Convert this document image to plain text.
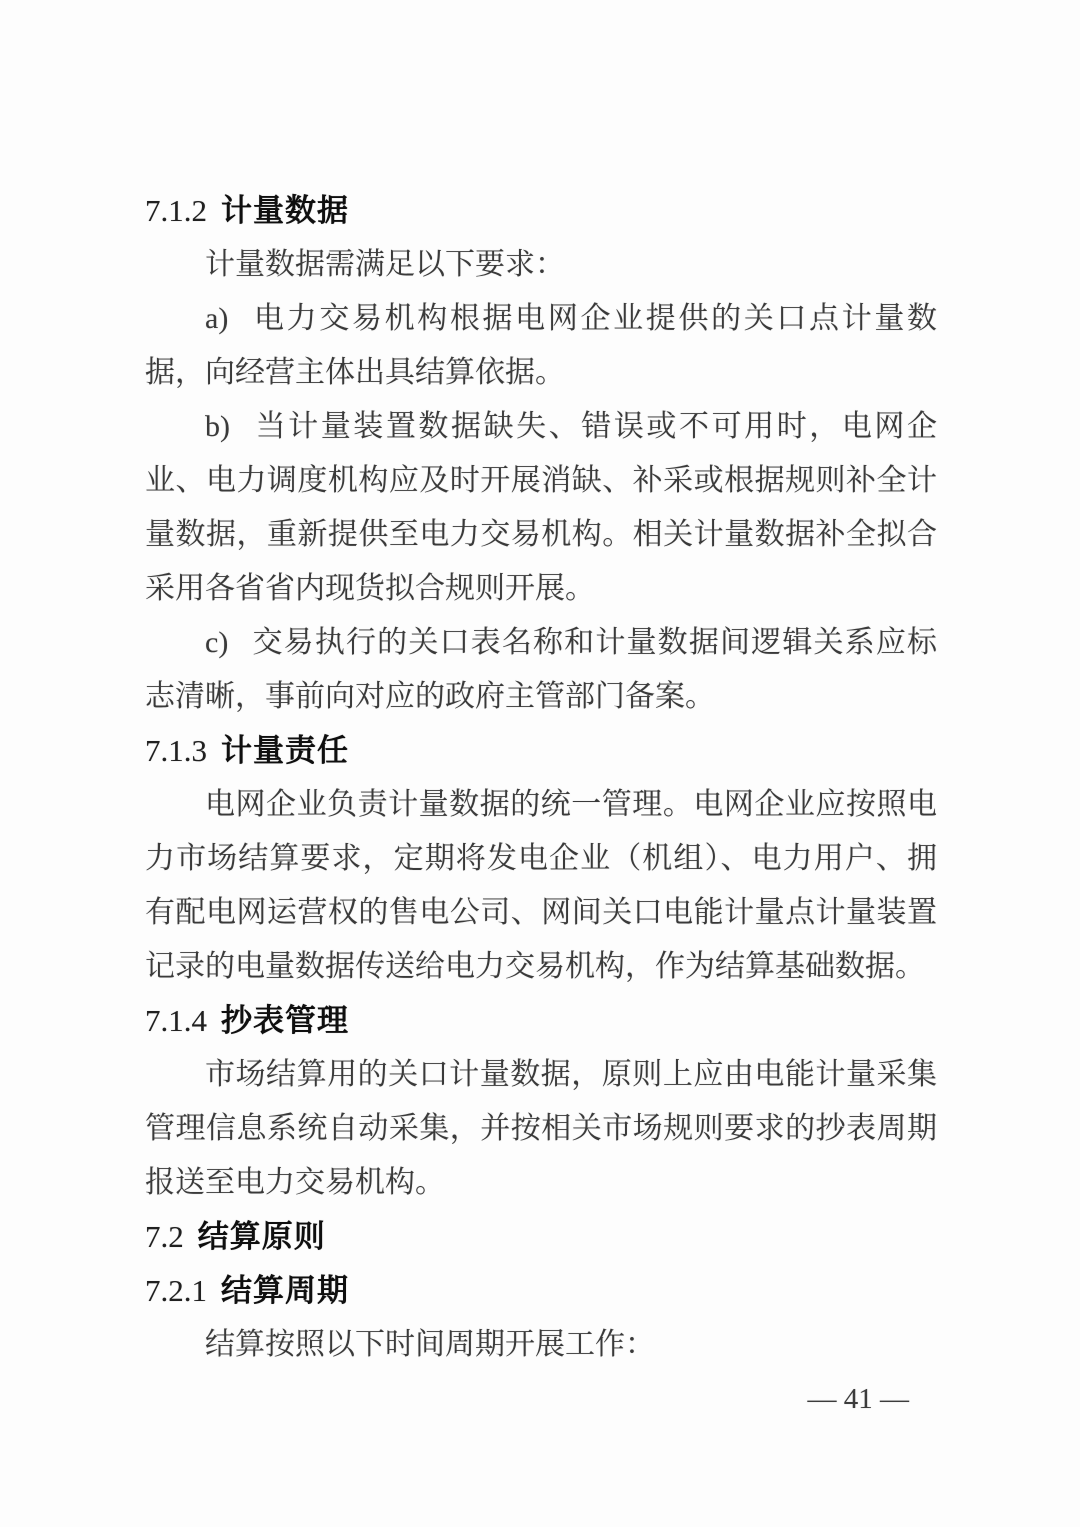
7.1.2 计量数据

计量数据需满足以下要求：

a) 电力交易机构根据电网企业提供的关口点计量数据，向经营主体出具结算依据。

b) 当计量装置数据缺失、错误或不可用时，电网企业、电力调度机构应及时开展消缺、补采或根据规则补全计量数据，重新提供至电力交易机构。相关计量数据补全拟合采用各省省内现货拟合规则开展。

c) 交易执行的关口表名称和计量数据间逻辑关系应标志清晰，事前向对应的政府主管部门备案。

7.1.3 计量责任

电网企业负责计量数据的统一管理。电网企业应按照电力市场结算要求，定期将发电企业（机组）、电力用户、拥有配电网运营权的售电公司、网间关口电能计量点计量装置记录的电量数据传送给电力交易机构，作为结算基础数据。

7.1.4 抄表管理

市场结算用的关口计量数据，原则上应由电能计量采集管理信息系统自动采集，并按相关市场规则要求的抄表周期报送至电力交易机构。

7.2 结算原则
7.2.1 结算周期

结算按照以下时间周期开展工作：

— 41 —
